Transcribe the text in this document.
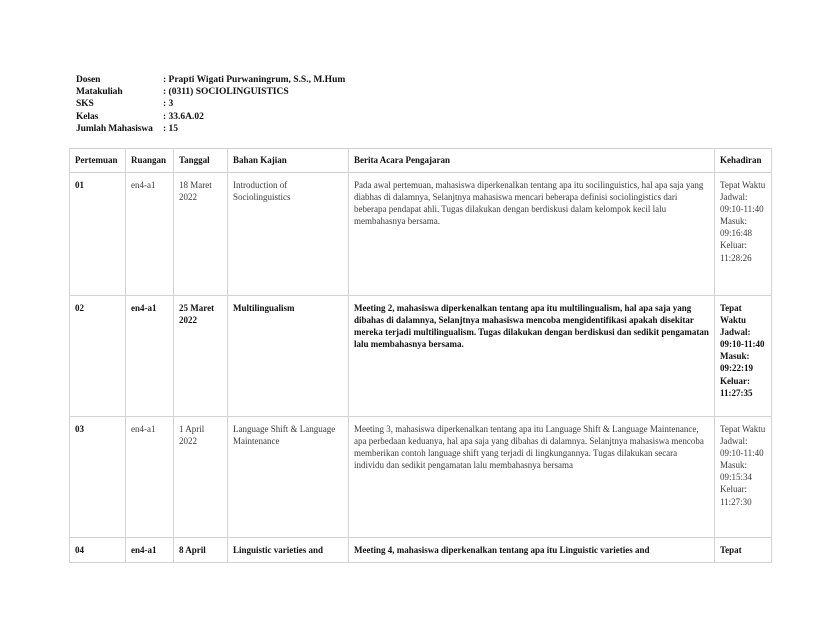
Dosen	: Prapti Wigati Purwaningrum, S.S., M.Hum
Matakuliah	: (0311) SOCIOLINGUISTICS
SKS	: 3
Kelas	: 33.6A.02
Jumlah Mahasiswa	: 15
Pertemuan	Ruangan	Tanggal	Bahan Kajian	Berita Acara Pengajaran	Kehadiran
01	en4-a1	18 Maret 2022	Introduction of Sociolinguistics	Pada awal pertemuan, mahasiswa diperkenalkan tentang apa itu socilinguistics, hal apa saja yang diabhas di dalamnya, Selanjtnya mahasiswa mencari beberapa definisi sociolingistics dari beberapa pendapat ahli. Tugas dilakukan dengan berdiskusi dalam kelompok kecil lalu membahasnya bersama.	Tepat Waktu Jadwal: 09:10-11:40 Masuk: 09:16:48 Keluar: 11:28:26
02	en4-a1	25 Maret 2022	Multilingualism	Meeting 2, mahasiswa diperkenalkan tentang apa itu multilingualism, hal apa saja yang dibahas di dalamnya, Selanjtnya mahasiswa mencoba mengidentifikasi apakah disekitar mereka terjadi multilingualism. Tugas dilakukan dengan berdiskusi dan sedikit pengamatan lalu membahasnya bersama.	Tepat Waktu Jadwal: 09:10-11:40 Masuk: 09:22:19 Keluar: 11:27:35
03	en4-a1	1 April 2022	Language Shift & Language Maintenance	Meeting 3, mahasiswa diperkenalkan tentang apa itu Language Shift & Language Maintenance, apa perbedaan keduanya, hal apa saja yang dibahas di dalamnya. Selanjtnya mahasiswa mencoba memberikan contoh language shift yang terjadi di lingkungannya. Tugas dilakukan secara individu dan sedikit pengamatan lalu membahasnya bersama	Tepat Waktu Jadwal: 09:10-11:40 Masuk: 09:15:34 Keluar: 11:27:30
04	en4-a1	8 April	Linguistic varieties and	Meeting 4, mahasiswa diperkenalkan tentang apa itu Linguistic varieties and	Tepat
